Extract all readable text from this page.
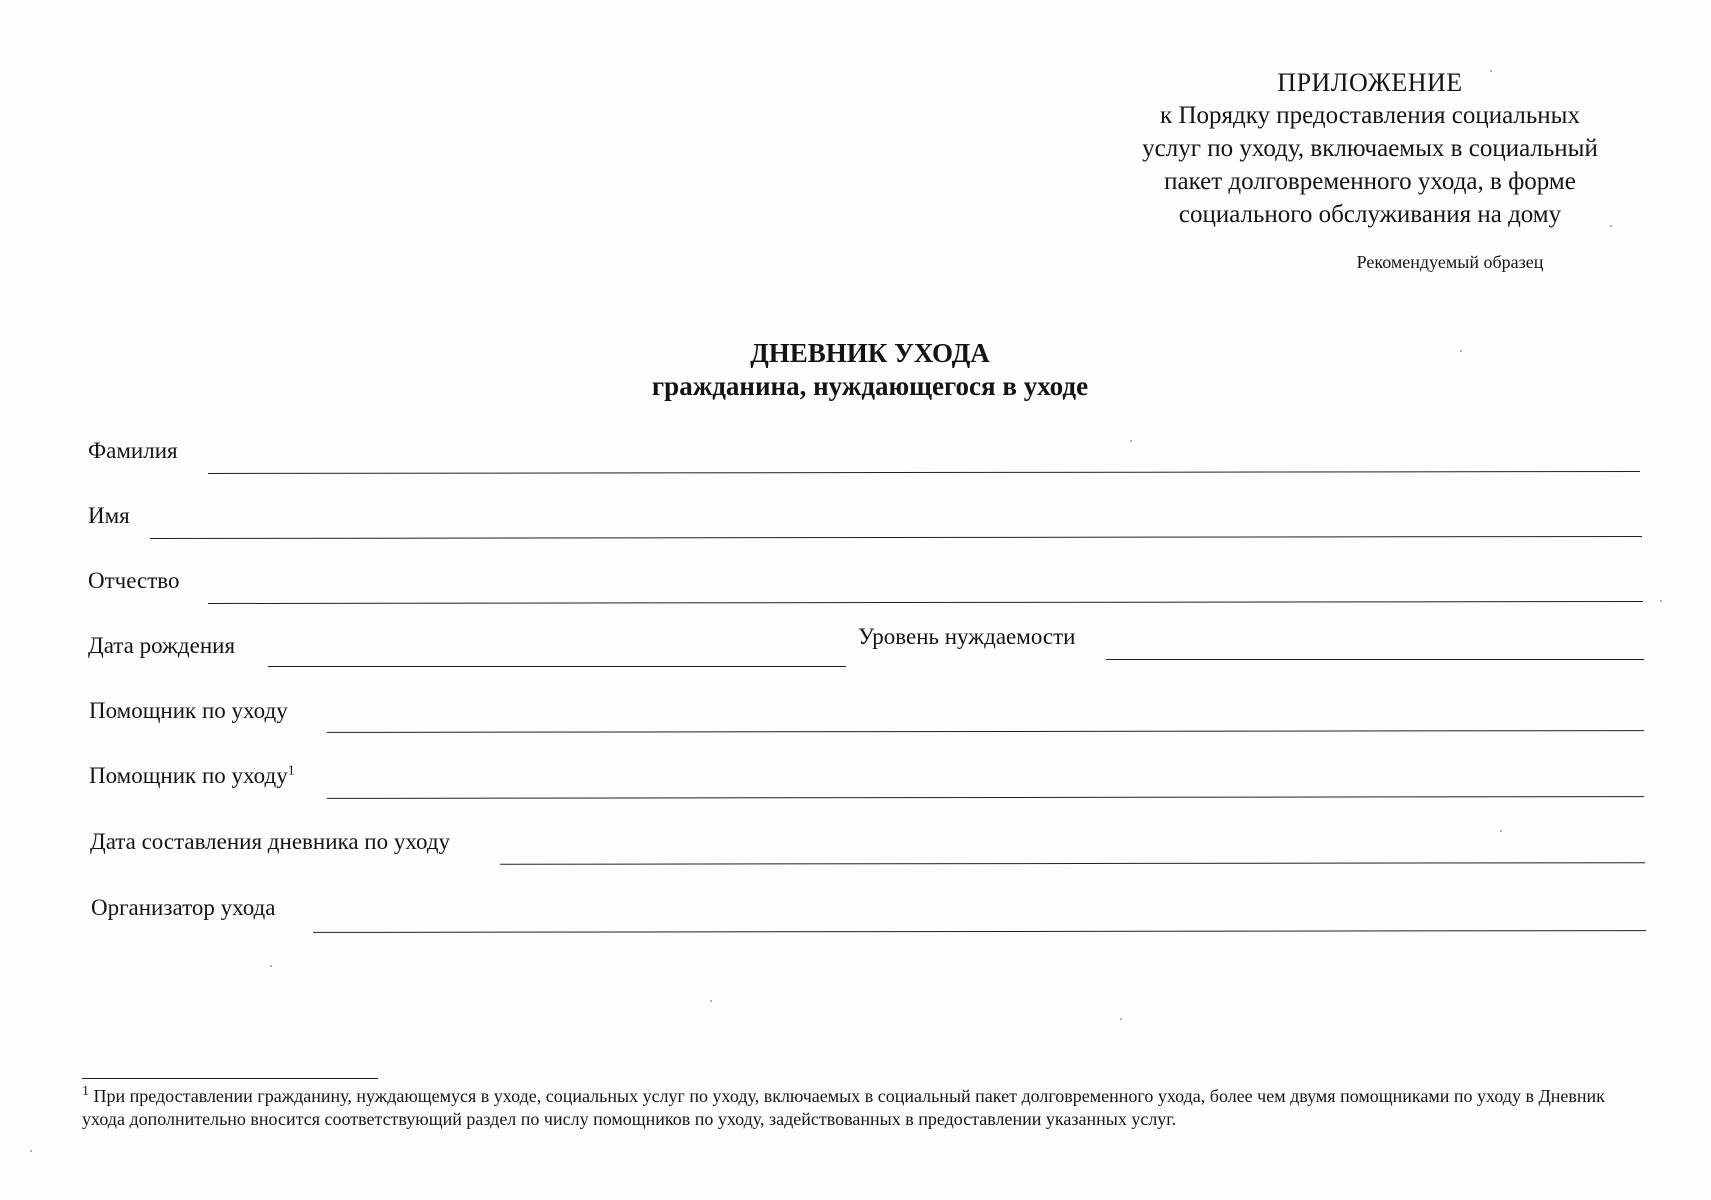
ПРИЛОЖЕНИЕ
к Порядку предоставления социальных
услуг по уходу, включаемых в социальный
пакет долговременного ухода, в форме
социального обслуживания на дому
Рекомендуемый образец
ДНЕВНИК УХОДА
гражданина, нуждающегося в уходе
Фамилия
Имя
Отчество
Дата рождения	Уровень нуждаемости
Помощник по уходу
Помощник по уходу$^1$
Дата составления дневника по уходу
Организатор ухода
$^1$ При предоставлении гражданину, нуждающемуся в уходе, социальных услуг по уходу, включаемых в социальный пакет долговременного ухода, более чем двумя помощниками по уходу в Дневник ухода дополнительно вносится соответствующий раздел по числу помощников по уходу, задействованных в предоставлении указанных услуг.
